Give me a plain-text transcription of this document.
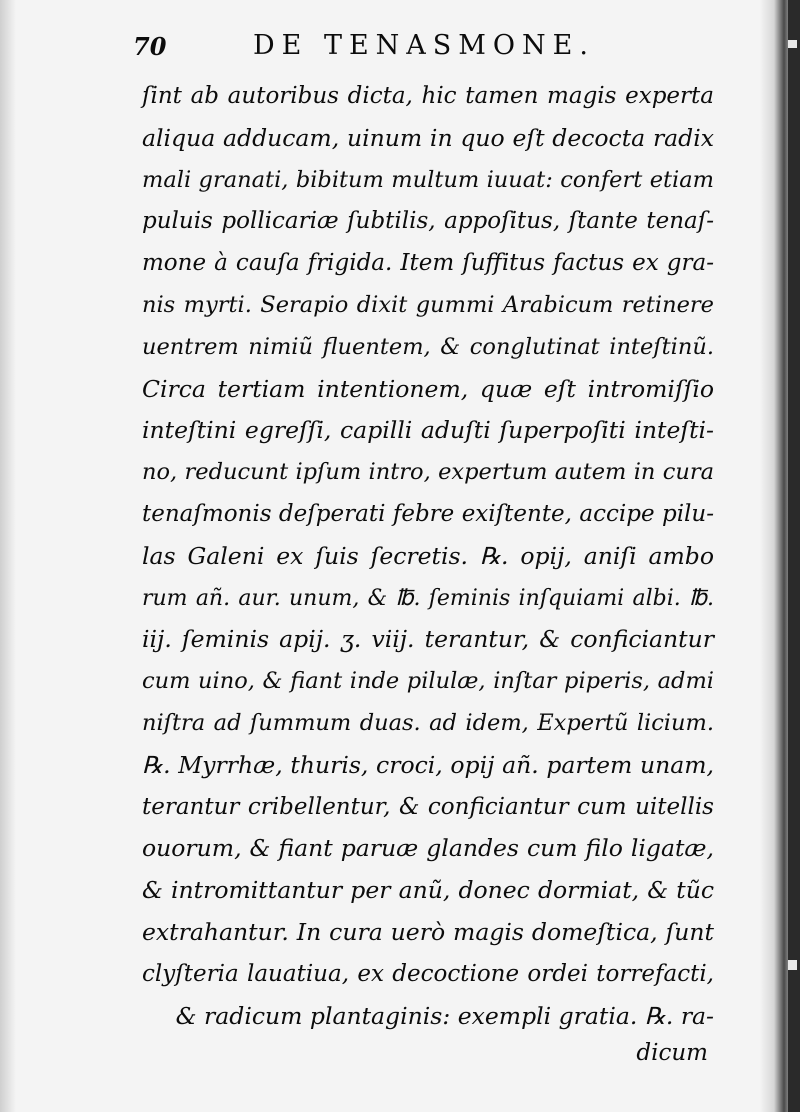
70	DE TENASMONE.
ſint ab autoribus dicta, hic tamen magis experta
aliqua adducam, uinum in quo eſt decocta radix
mali granati, bibitum multum iuuat: confert etiam
puluis pollicariæ ſubtilis, appoſitus, ſtante tenaſ-
mone à cauſa frigida. Item ſuffitus factus ex gra-
nis myrti. Serapio dixit gummi Arabicum retinere
uentrem nimiũ fluentem, & conglutinat inteſtinũ.
Circa tertiam intentionem, quæ eſt intromiſſio
inteſtini egreſſi, capilli aduſti ſuperpoſiti inteſti-
no, reducunt ipſum intro, expertum autem in cura
tenaſmonis deſperati febre exiſtente, accipe pilu-
las Galeni ex ſuis ſecretis. ℞. opij, aniſi ambo
rum añ. aur. unum, & ℔. ſeminis inſquiami albi. ℔.
iij. ſeminis apij. ʒ. viij. terantur, & conficiantur
cum uino, & fiant inde pilulæ, inſtar piperis, admi
niſtra ad ſummum duas. ad idem, Expertũ licium.
℞. Myrrhæ, thuris, croci, opij añ. partem unam,
terantur cribellentur, & conficiantur cum uitellis
ouorum, & fiant paruæ glandes cum filo ligatæ,
& intromittantur per anũ, donec dormiat, & tũc
extrahantur. In cura uerò magis domeſtica, ſunt
clyſteria lauatiua, ex decoctione ordei torrefacti,
& radicum plantaginis: exempli gratia. ℞. ra-
dicum
